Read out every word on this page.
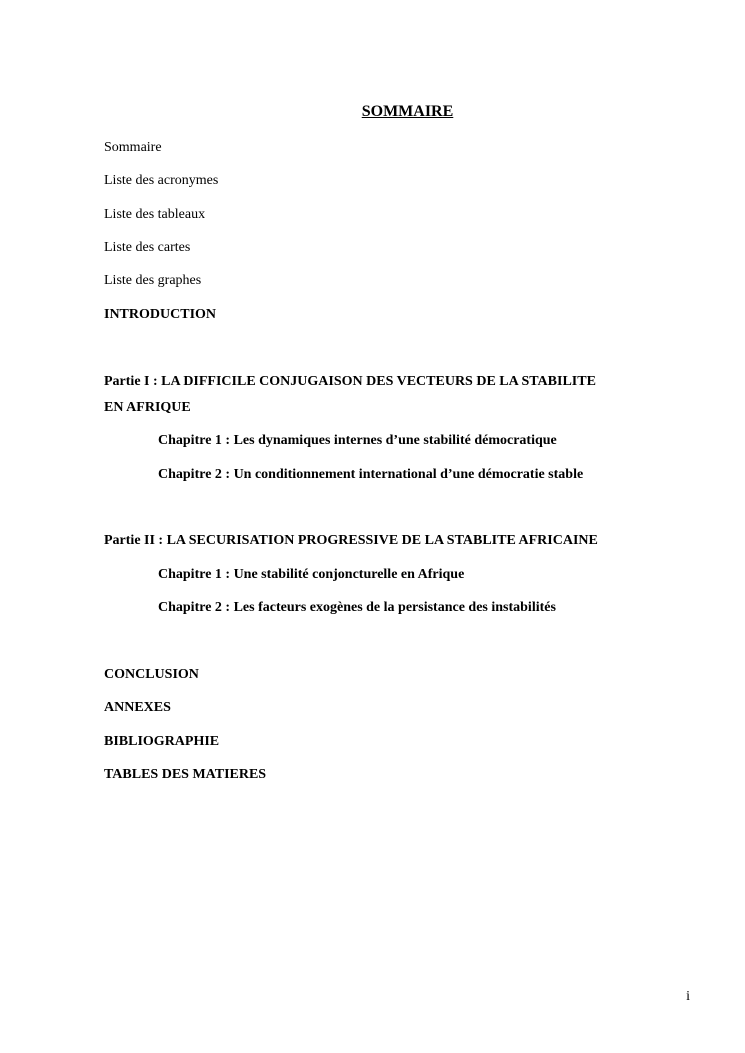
SOMMAIRE
Sommaire
Liste des acronymes
Liste des tableaux
Liste des cartes
Liste des graphes
INTRODUCTION
Partie I : LA DIFFICILE CONJUGAISON DES VECTEURS DE LA STABILITE
EN AFRIQUE
Chapitre 1 : Les dynamiques internes d’une stabilité démocratique
Chapitre 2 : Un conditionnement international d’une démocratie stable
Partie II : LA SECURISATION PROGRESSIVE DE LA STABLITE AFRICAINE
Chapitre 1 : Une stabilité conjoncturelle en Afrique
Chapitre 2 : Les facteurs exogènes de la persistance des instabilités
CONCLUSION
ANNEXES
BIBLIOGRAPHIE
TABLES DES MATIERES
i
